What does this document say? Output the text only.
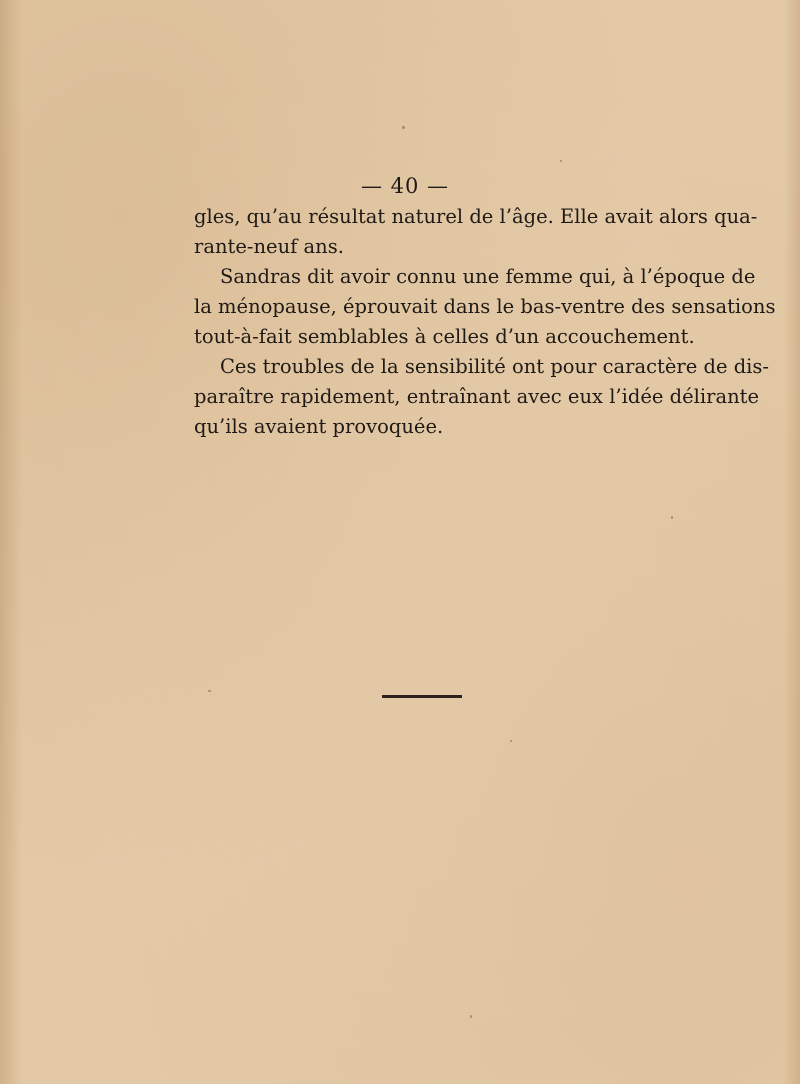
— 40 —
gles, qu’au résultat naturel de l’âge. Elle avait alors qua-
rante-neuf ans.
Sandras dit avoir connu une femme qui, à l’époque de
la ménopause, éprouvait dans le bas-ventre des sensations
tout-à-fait semblables à celles d’un accouchement.
Ces troubles de la sensibilité ont pour caractère de dis-
paraître rapidement, entraînant avec eux l’idée délirante
qu’ils avaient provoquée.
